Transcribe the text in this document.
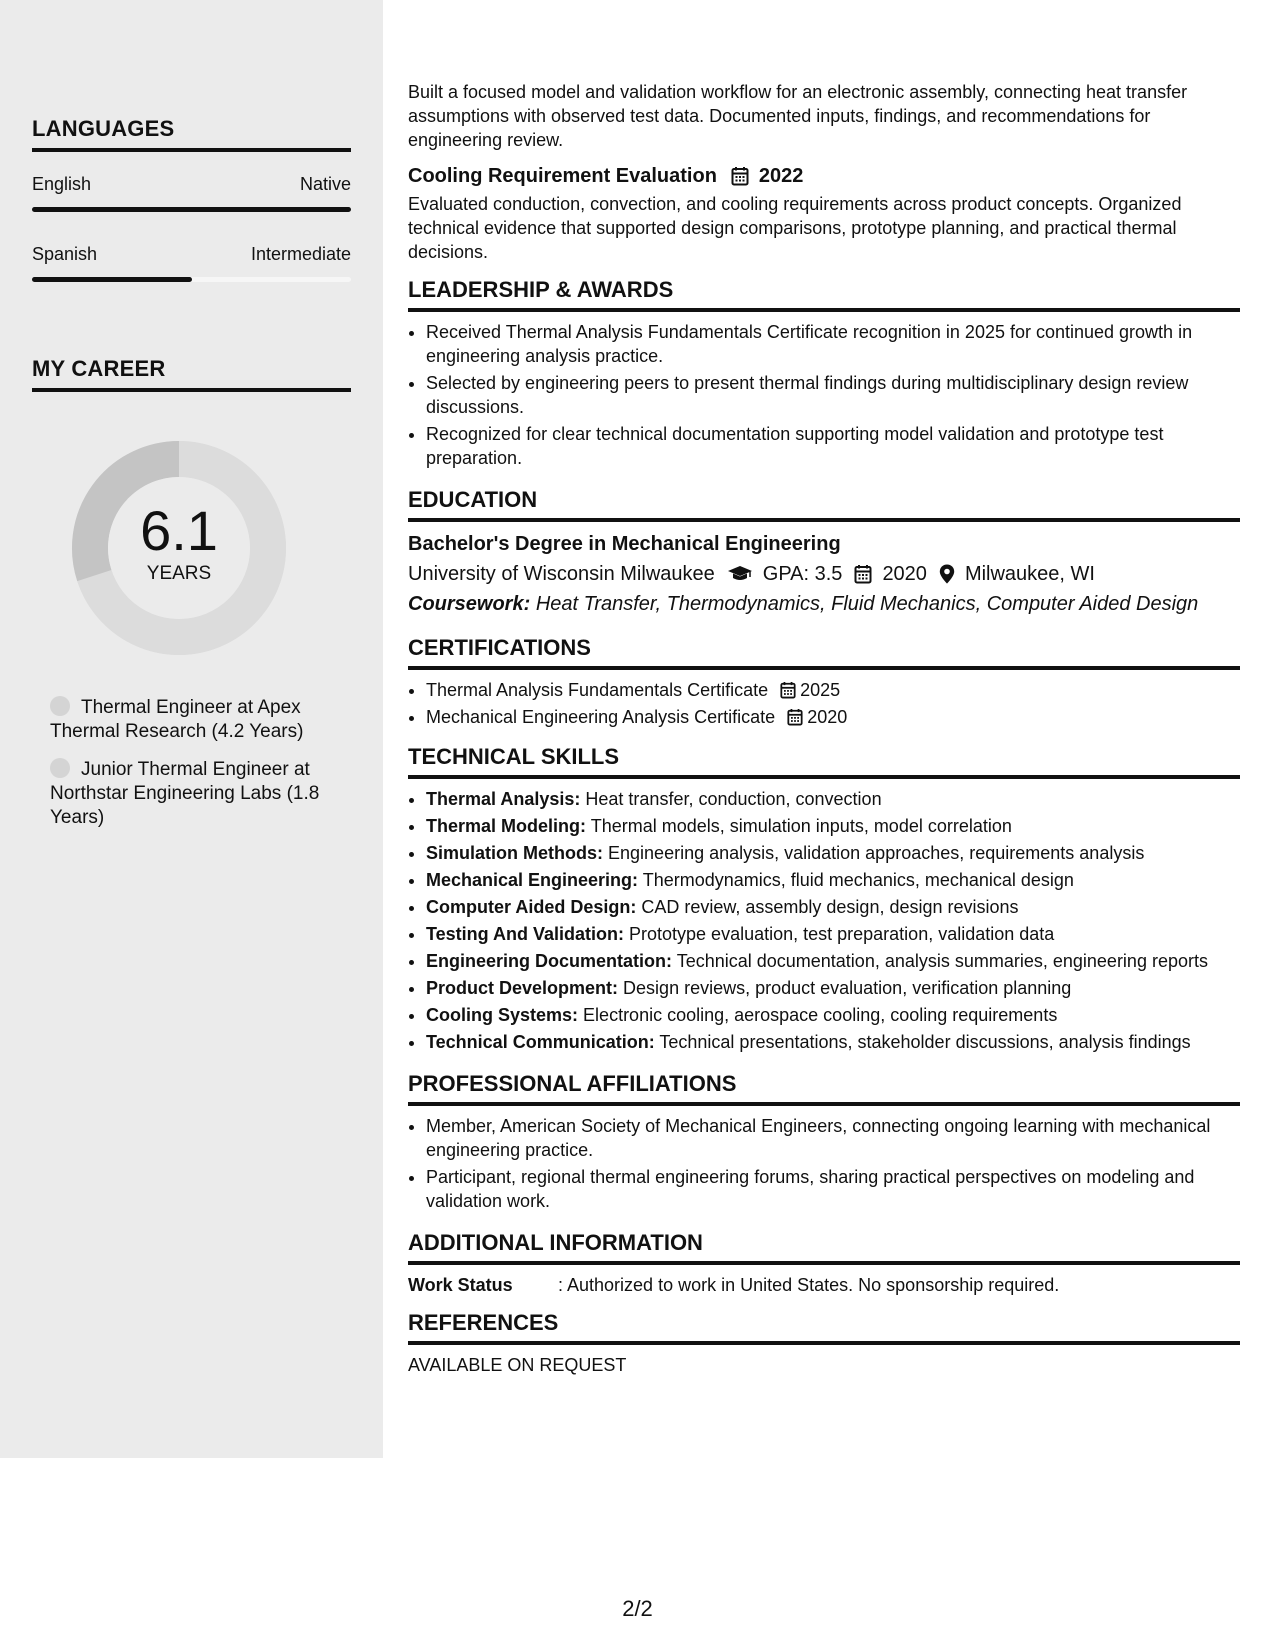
LANGUAGES
English	Native
Spanish	Intermediate
MY CAREER
6.1
YEARS
Thermal Engineer at Apex Thermal Research (4.2 Years)
Junior Thermal Engineer at Northstar Engineering Labs (1.8 Years)

Built a focused model and validation workflow for an electronic assembly, connecting heat transfer assumptions with observed test data. Documented inputs, findings, and recommendations for engineering review.

Cooling Requirement Evaluation 2022

Evaluated conduction, convection, and cooling requirements across product concepts. Organized technical evidence that supported design comparisons, prototype planning, and practical thermal decisions.

LEADERSHIP & AWARDS
• Received Thermal Analysis Fundamentals Certificate recognition in 2025 for continued growth in engineering analysis practice.
• Selected by engineering peers to present thermal findings during multidisciplinary design review discussions.
• Recognized for clear technical documentation supporting model validation and prototype test preparation.
EDUCATION
Bachelor's Degree in Mechanical Engineering
University of Wisconsin Milwaukee GPA: 3.5 2020 Milwaukee, WI
Coursework: Heat Transfer, Thermodynamics, Fluid Mechanics, Computer Aided Design
CERTIFICATIONS
• Thermal Analysis Fundamentals Certificate 2025
• Mechanical Engineering Analysis Certificate 2020
TECHNICAL SKILLS
• Thermal Analysis: Heat transfer, conduction, convection
• Thermal Modeling: Thermal models, simulation inputs, model correlation
• Simulation Methods: Engineering analysis, validation approaches, requirements analysis
• Mechanical Engineering: Thermodynamics, fluid mechanics, mechanical design
• Computer Aided Design: CAD review, assembly design, design revisions
• Testing And Validation: Prototype evaluation, test preparation, validation data
• Engineering Documentation: Technical documentation, analysis summaries, engineering reports
• Product Development: Design reviews, product evaluation, verification planning
• Cooling Systems: Electronic cooling, aerospace cooling, cooling requirements
• Technical Communication: Technical presentations, stakeholder discussions, analysis findings
PROFESSIONAL AFFILIATIONS
• Member, American Society of Mechanical Engineers, connecting ongoing learning with mechanical engineering practice.
• Participant, regional thermal engineering forums, sharing practical perspectives on modeling and validation work.
ADDITIONAL INFORMATION
Work Status	: Authorized to work in United States. No sponsorship required.
REFERENCES

AVAILABLE ON REQUEST

2/2
